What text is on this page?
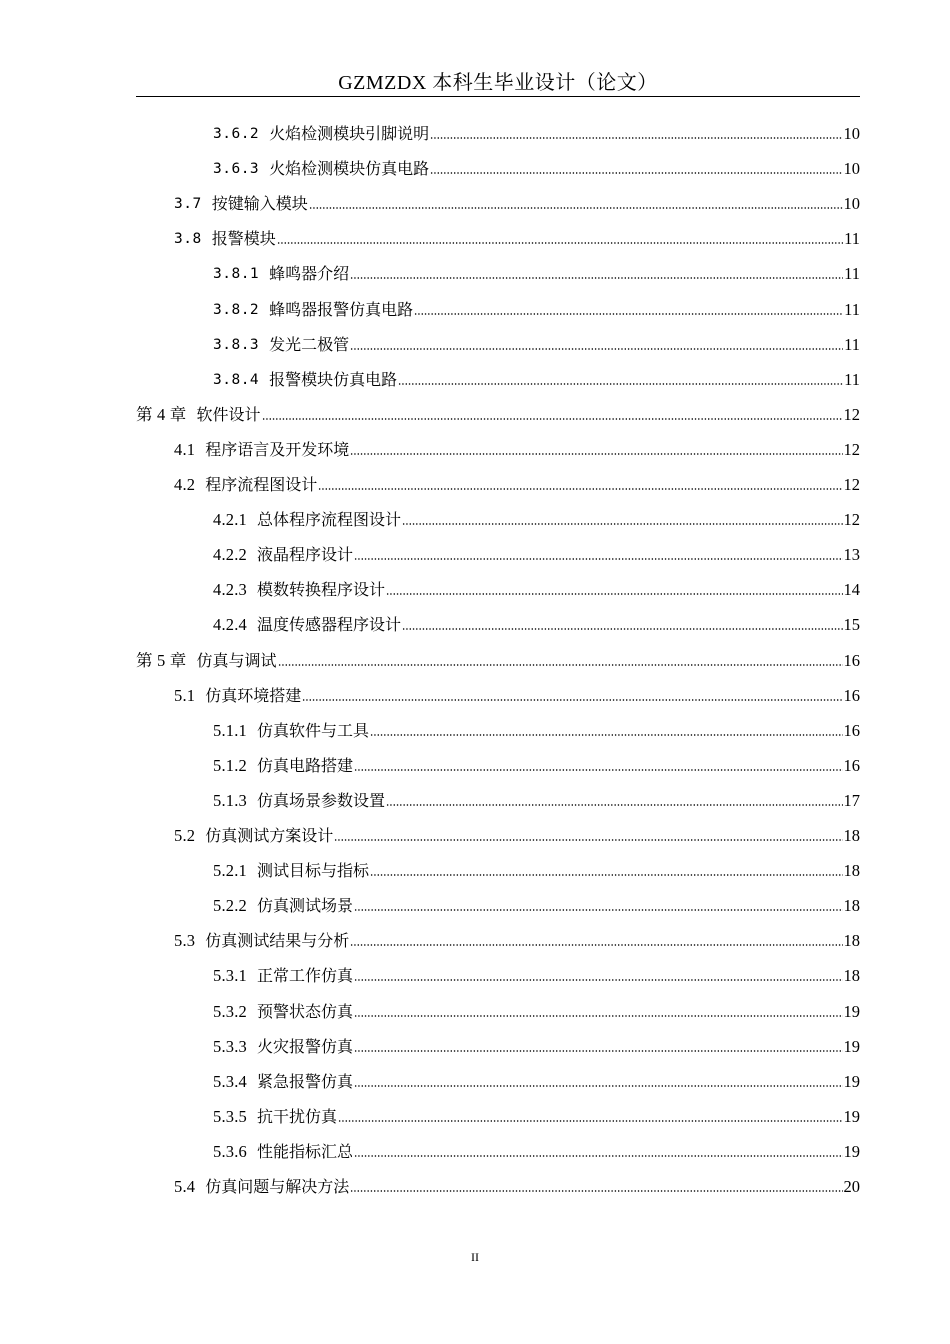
GZMZDX 本科生毕业设计（论文）
3.6.2 火焰检测模块引脚说明	10
3.6.3 火焰检测模块仿真电路	10
3.7 按键输入模块	10
3.8 报警模块	11
3.8.1 蜂鸣器介绍	11
3.8.2 蜂鸣器报警仿真电路	11
3.8.3 发光二极管	11
3.8.4 报警模块仿真电路	11
第 4 章 软件设计	12
4.1 程序语言及开发环境	12
4.2 程序流程图设计	12
4.2.1 总体程序流程图设计	12
4.2.2 液晶程序设计	13
4.2.3 模数转换程序设计	14
4.2.4 温度传感器程序设计	15
第 5 章 仿真与调试	16
5.1 仿真环境搭建	16
5.1.1 仿真软件与工具	16
5.1.2 仿真电路搭建	16
5.1.3 仿真场景参数设置	17
5.2 仿真测试方案设计	18
5.2.1 测试目标与指标	18
5.2.2 仿真测试场景	18
5.3 仿真测试结果与分析	18
5.3.1 正常工作仿真	18
5.3.2 预警状态仿真	19
5.3.3 火灾报警仿真	19
5.3.4 紧急报警仿真	19
5.3.5 抗干扰仿真	19
5.3.6 性能指标汇总	19
5.4 仿真问题与解决方法	20
II
